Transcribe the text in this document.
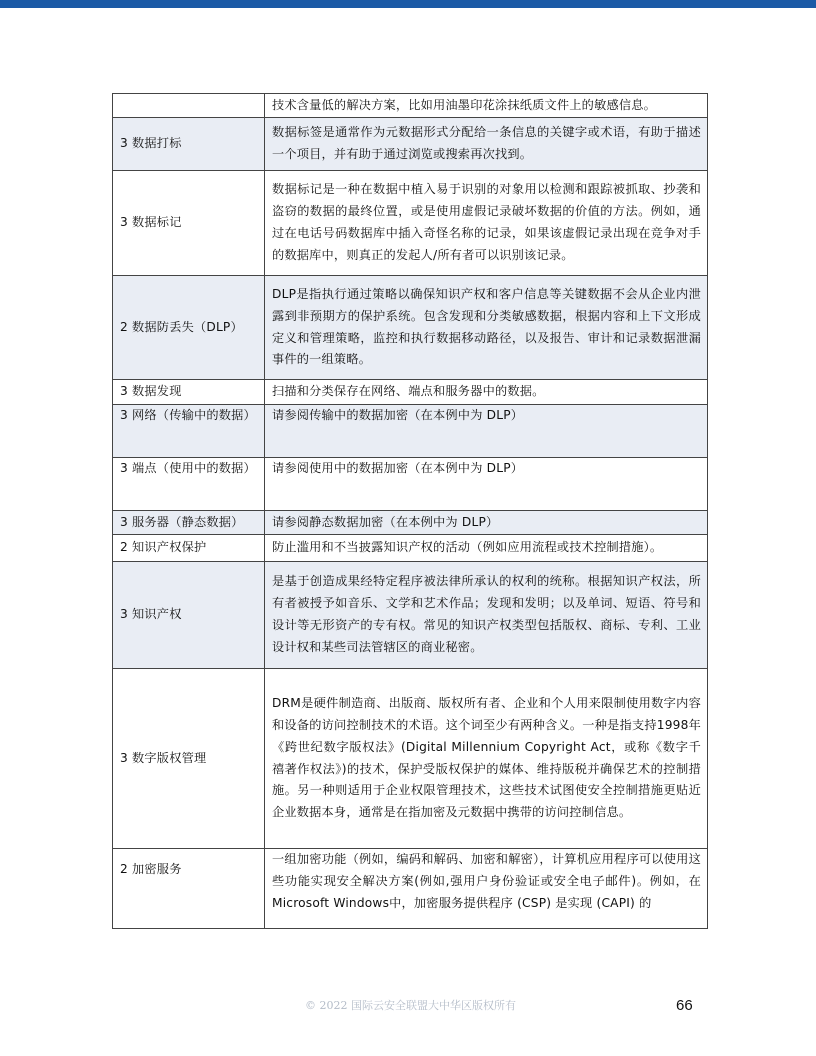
	技术含量低的解决方案，比如用油墨印花涂抹纸质文件上的敏感信息。
3 数据打标	数据标签是通常作为元数据形式分配给一条信息的关键字或术语，有助于描述一个项目，并有助于通过浏览或搜索再次找到。
3 数据标记	数据标记是一种在数据中植入易于识别的对象用以检测和跟踪被抓取、抄袭和盗窃的数据的最终位置，或是使用虚假记录破坏数据的价值的方法。例如，通过在电话号码数据库中插入奇怪名称的记录，如果该虚假记录出现在竞争对手的数据库中，则真正的发起人/所有者可以识别该记录。
2 数据防丢失（DLP）	DLP是指执行通过策略以确保知识产权和客户信息等关键数据不会从企业内泄露到非预期方的保护系统。包含发现和分类敏感数据，根据内容和上下文形成定义和管理策略，监控和执行数据移动路径，以及报告、审计和记录数据泄漏事件的一组策略。
3 数据发现	扫描和分类保存在网络、端点和服务器中的数据。
3 网络（传输中的数据）	请参阅传输中的数据加密（在本例中为 DLP）
3 端点（使用中的数据）	请参阅使用中的数据加密（在本例中为 DLP）
3 服务器（静态数据）	请参阅静态数据加密（在本例中为 DLP）
2 知识产权保护	防止滥用和不当披露知识产权的活动（例如应用流程或技术控制措施）。
3 知识产权	是基于创造成果经特定程序被法律所承认的权利的统称。根据知识产权法，所有者被授予如音乐、文学和艺术作品；发现和发明；以及单词、短语、符号和设计等无形资产的专有权。常见的知识产权类型包括版权、商标、专利、工业设计权和某些司法管辖区的商业秘密。
3 数字版权管理	DRM是硬件制造商、出版商、版权所有者、企业和个人用来限制使用数字内容和设备的访问控制技术的术语。这个词至少有两种含义。一种是指支持1998年《跨世纪数字版权法》(Digital Millennium Copyright Act，或称《数字千禧著作权法》)的技术，保护受版权保护的媒体、维持版税并确保艺术的控制措施。另一种则适用于企业权限管理技术，这些技术试图使安全控制措施更贴近企业数据本身，通常是在指加密及元数据中携带的访问控制信息。
2 加密服务	一组加密功能（例如，编码和解码、加密和解密），计算机应用程序可以使用这些功能实现安全解决方案(例如,强用户身份验证或安全电子邮件)。例如，在Microsoft Windows中，加密服务提供程序 (CSP) 是实现 (CAPI) 的
© 2022 国际云安全联盟大中华区版权所有	66
